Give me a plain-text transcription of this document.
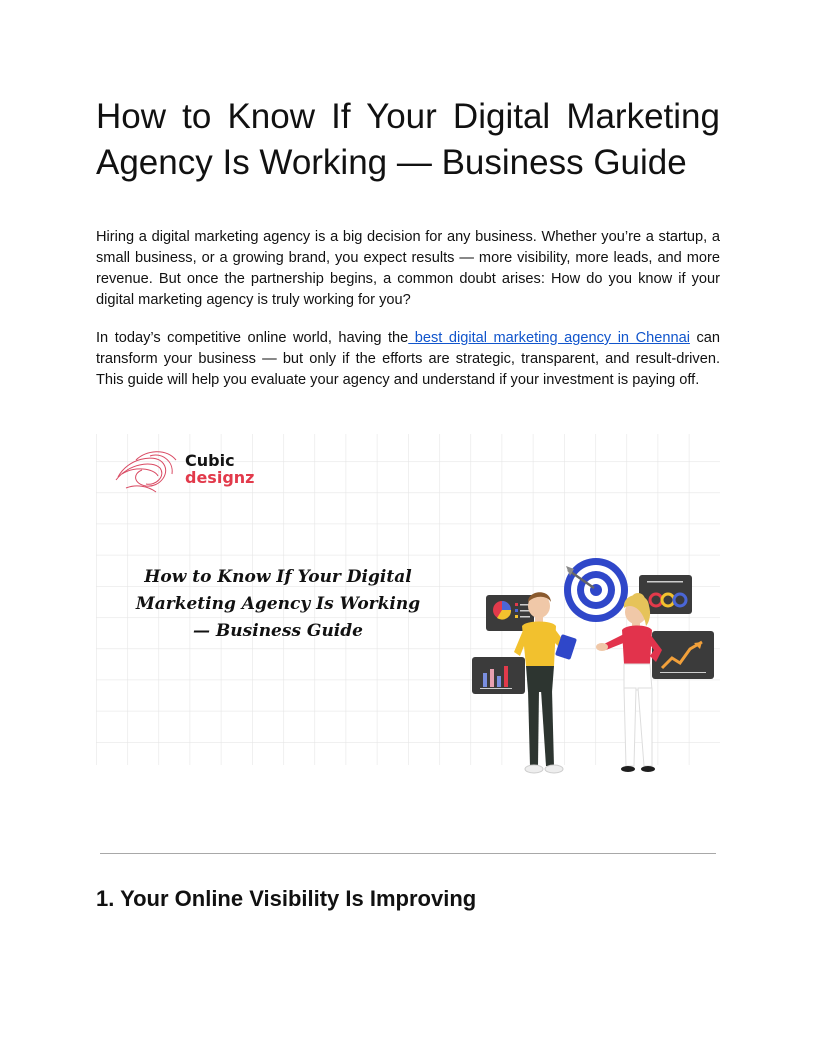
How to Know If Your Digital Marketing Agency Is Working — Business Guide

Hiring a digital marketing agency is a big decision for any business. Whether you’re a startup, a small business, or a growing brand, you expect results — more visibility, more leads, and more revenue. But once the partnership begins, a common doubt arises: How do you know if your digital marketing agency is truly working for you?

In today’s competitive online world, having the best digital marketing agency in Chennai can transform your business — but only if the efforts are strategic, transparent, and result-driven. This guide will help you evaluate your agency and understand if your investment is paying off.

Cubic
designz
How to Know If Your Digital
Marketing Agency Is Working
— Business Guide
1. Your Online Visibility Is Improving
